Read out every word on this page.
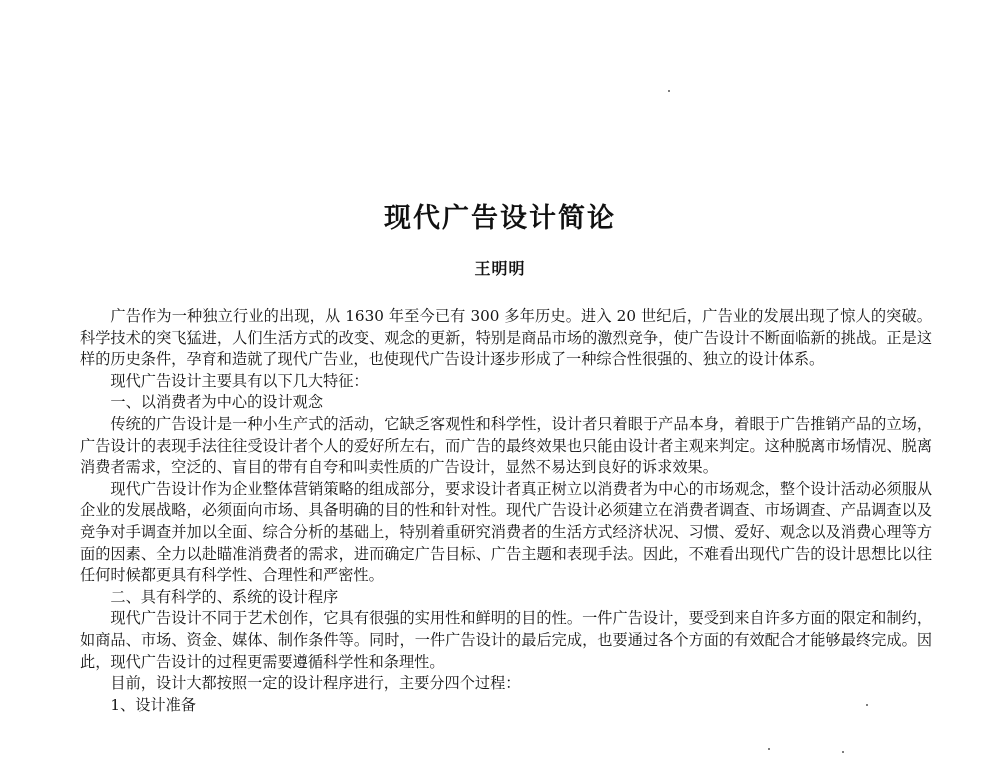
现代广告设计简论
王明明

广告作为一种独立行业的出现，从 1630 年至今已有 300 多年历史。进入 20 世纪后，广告业的发展出现了惊人的突破。科学技术的突飞猛进，人们生活方式的改变、观念的更新，特别是商品市场的激烈竞争，使广告设计不断面临新的挑战。正是这样的历史条件，孕育和造就了现代广告业，也使现代广告设计逐步形成了一种综合性很强的、独立的设计体系。

现代广告设计主要具有以下几大特征：

一、以消费者为中心的设计观念

传统的广告设计是一种小生产式的活动，它缺乏客观性和科学性，设计者只着眼于产品本身，着眼于广告推销产品的立场，广告设计的表现手法往往受设计者个人的爱好所左右，而广告的最终效果也只能由设计者主观来判定。这种脱离市场情况、脱离消费者需求，空泛的、盲目的带有自夸和叫卖性质的广告设计，显然不易达到良好的诉求效果。

现代广告设计作为企业整体营销策略的组成部分，要求设计者真正树立以消费者为中心的市场观念，整个设计活动必须服从企业的发展战略，必须面向市场、具备明确的目的性和针对性。现代广告设计必须建立在消费者调查、市场调查、产品调查以及竞争对手调查并加以全面、综合分析的基础上，特别着重研究消费者的生活方式经济状况、习惯、爱好、观念以及消费心理等方面的因素、全力以赴瞄准消费者的需求，进而确定广告目标、广告主题和表现手法。因此，不难看出现代广告的设计思想比以往任何时候都更具有科学性、合理性和严密性。

二、具有科学的、系统的设计程序

现代广告设计不同于艺术创作，它具有很强的实用性和鲜明的目的性。一件广告设计，要受到来自许多方面的限定和制约，如商品、市场、资金、媒体、制作条件等。同时，一件广告设计的最后完成，也要通过各个方面的有效配合才能够最终完成。因此，现代广告设计的过程更需要遵循科学性和条理性。

目前，设计大都按照一定的设计程序进行，主要分四个过程：

1、设计准备
